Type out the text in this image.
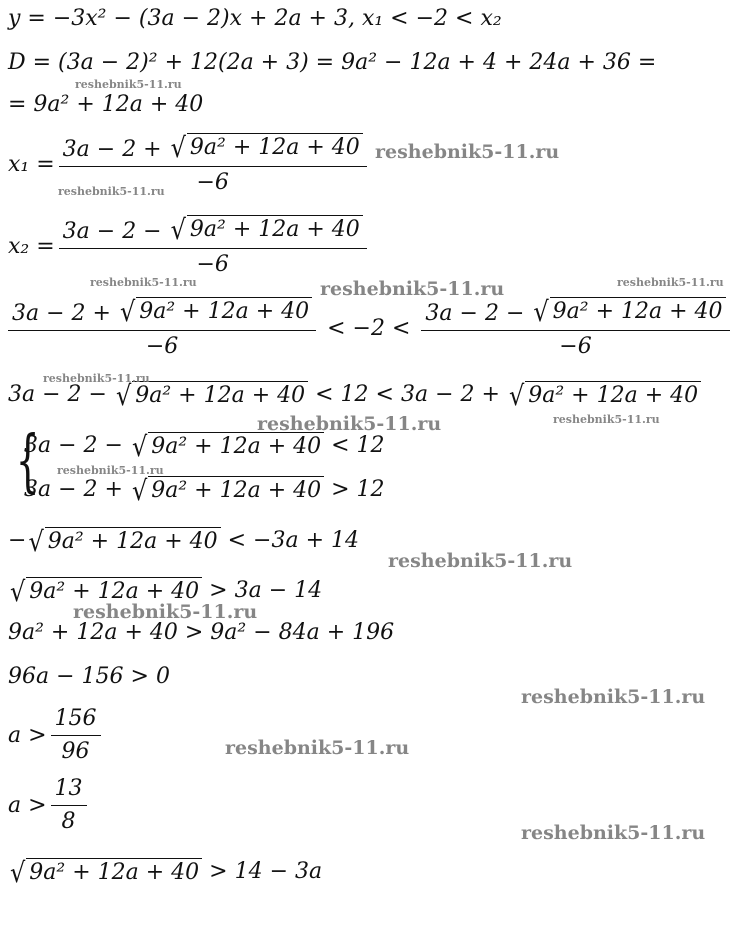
y = −3x² − (3a − 2)x + 2a + 3, x₁ < −2 < x₂
D = (3a − 2)² + 12(2a + 3) = 9a² − 12a + 4 + 24a + 36 =
= 9a² + 12a + 40
$x_1 = \frac{\text{3a − 2 + √ 9a² + 12a + 40}}{-6}$
$x_2 = \frac{\text{3a − 2 − √ 9a² + 12a + 40}}{-6}$
$\frac{\text{3a − 2 + √ 9a² + 12a + 40}}{-6} < -2 < \frac{\text{3a − 2 − √ 9a² + 12a + 40}}{-6}$
3a − 2 − √ 9a² + 12a + 40 < 12 < 3a − 2 + √ 9a² + 12a + 40
{
3a − 2 − √ 9a² + 12a + 40 < 12
3a − 2 + √ 9a² + 12a + 40 > 12
− √ 9a² + 12a + 40 < −3a + 14
√ 9a² + 12a + 40 > 3a − 14
9a² + 12a + 40 > 9a² − 84a + 196
96a − 156 > 0
$a > \frac{156}{96}$
$a > \frac{13}{8}$
√ 9a² + 12a + 40 > 14 − 3a
reshebnik5-11.ru
reshebnik5-11.ru
reshebnik5-11.ru
reshebnik5-11.ru	reshebnik5-11.ru	reshebnik5-11.ru
reshebnik5-11.ru
reshebnik5-11.ru	reshebnik5-11.ru
reshebnik5-11.ru
reshebnik5-11.ru
reshebnik5-11.ru
reshebnik5-11.ru
reshebnik5-11.ru
reshebnik5-11.ru
